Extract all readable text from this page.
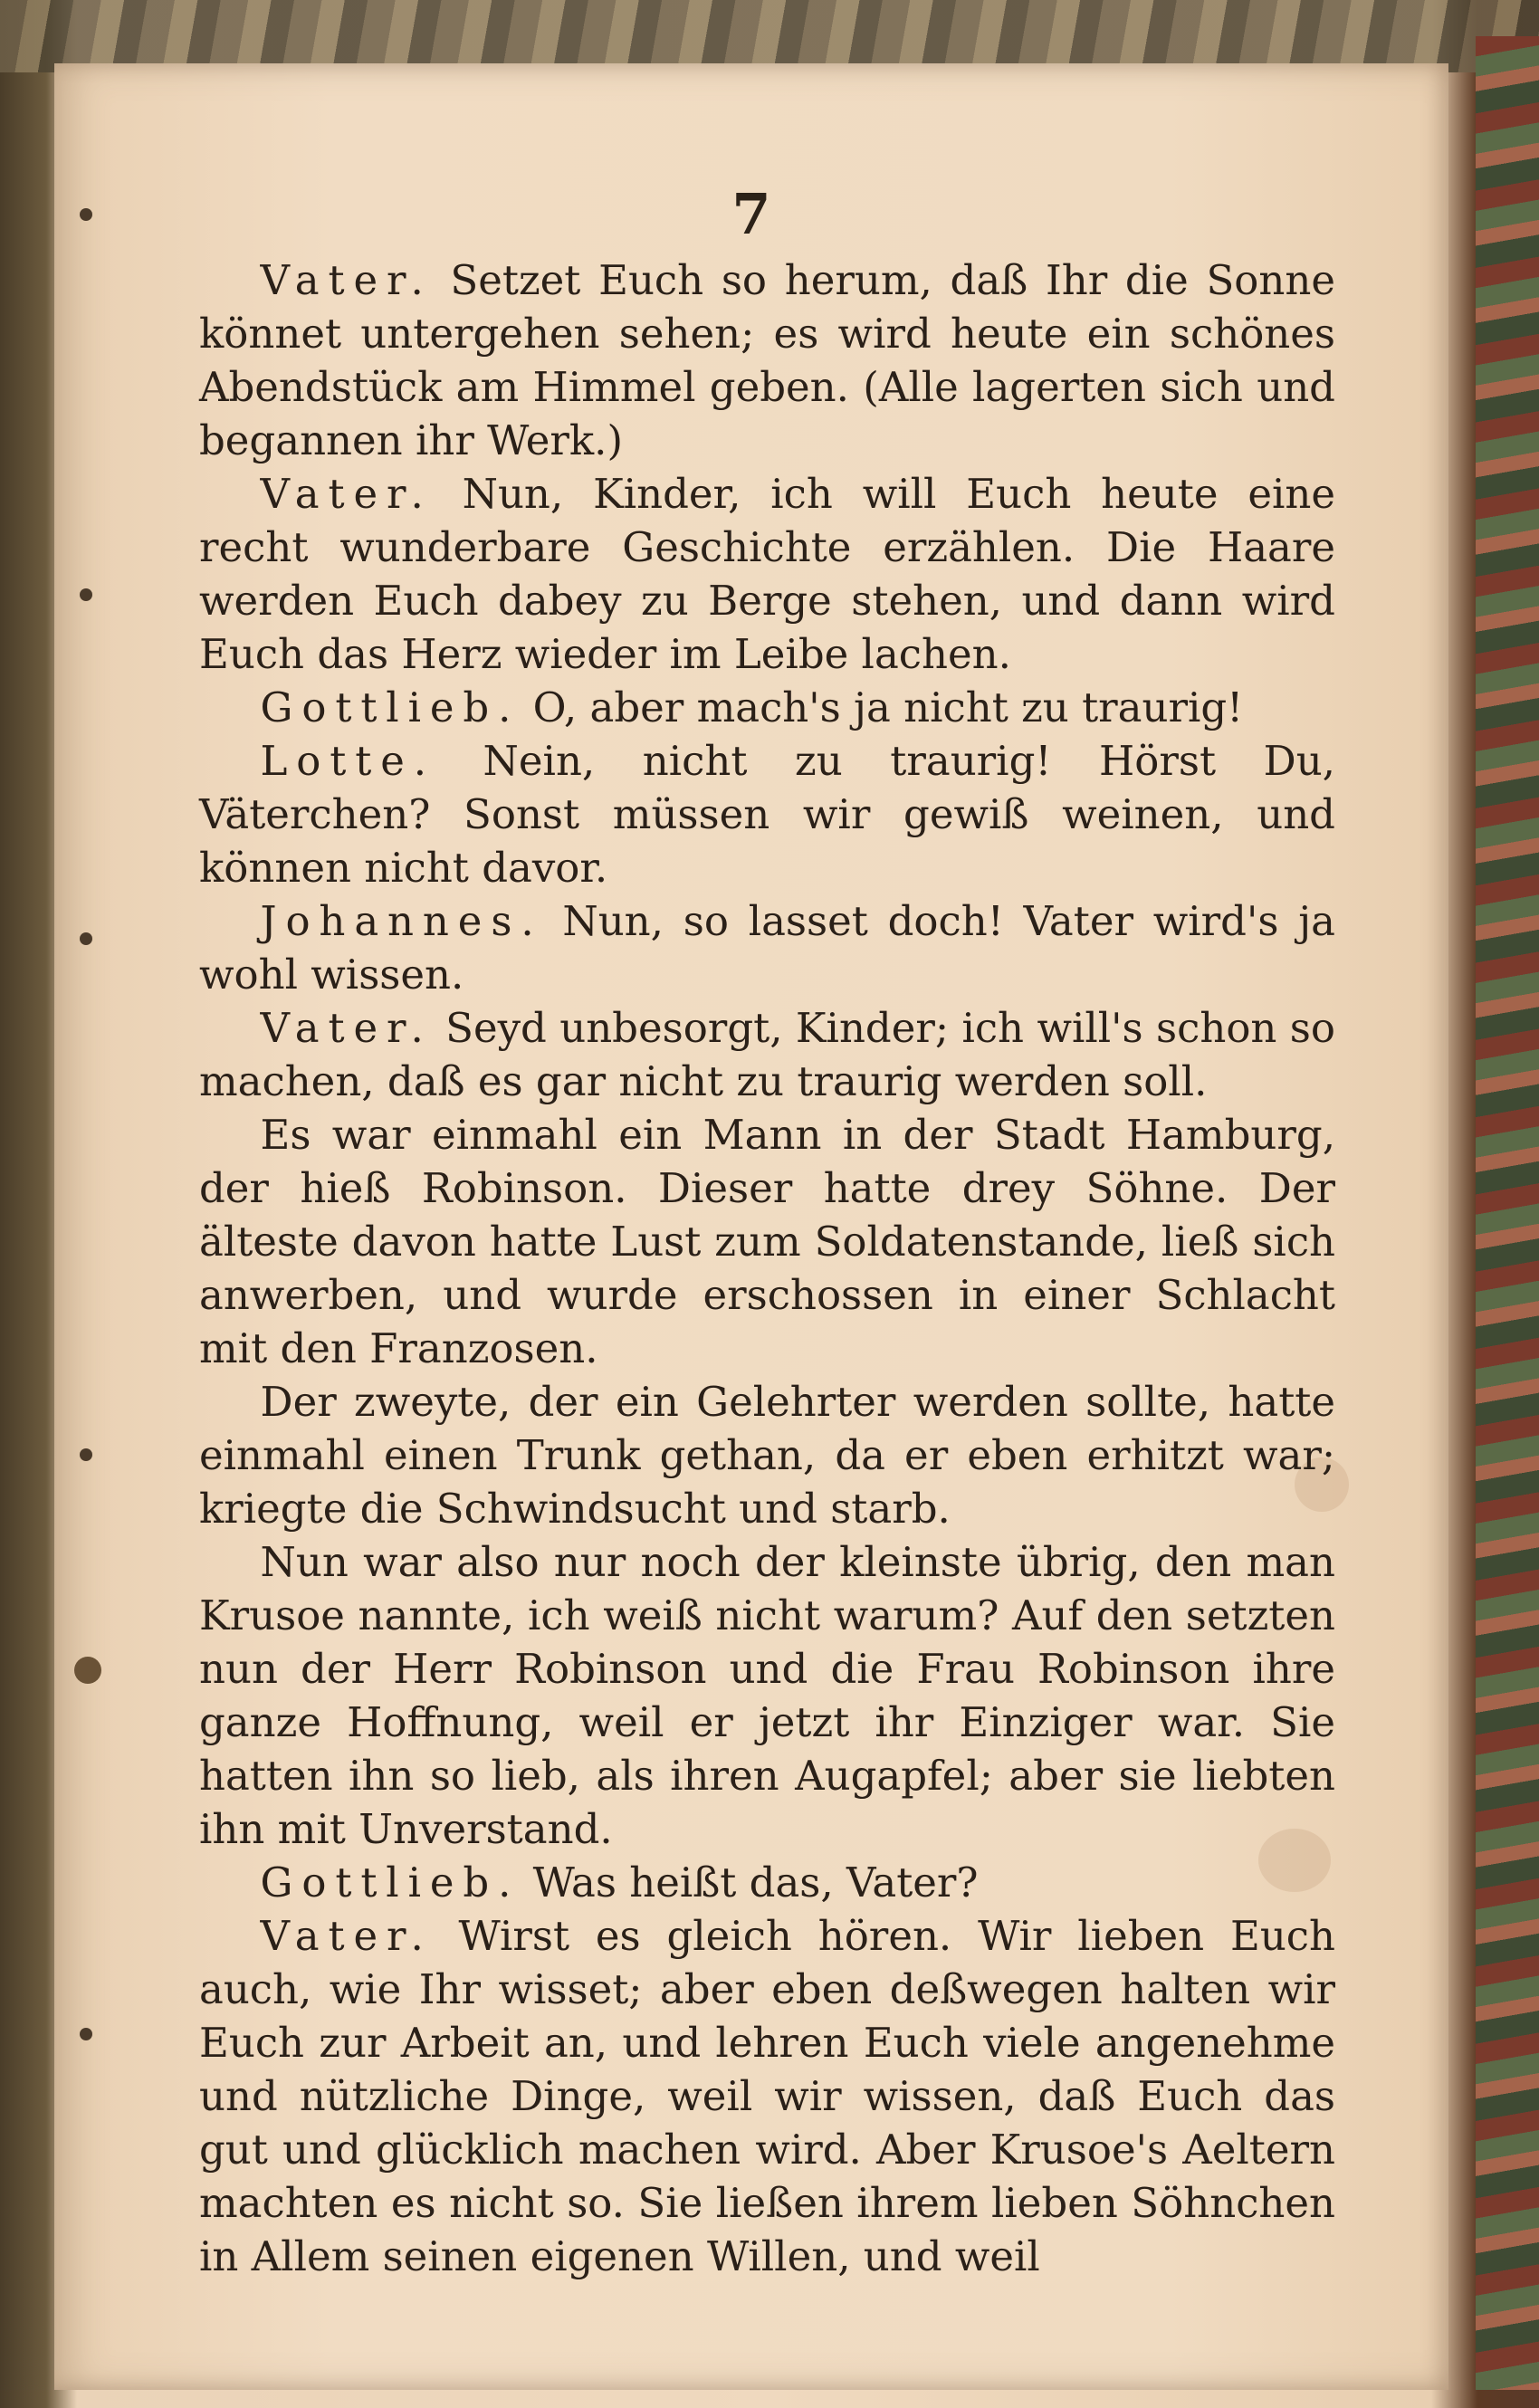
7

Vater. Setzet Euch so herum, daß Ihr die Sonne könnet untergehen sehen; es wird heute ein schönes Abendstück am Himmel geben. (Alle lagerten sich und begannen ihr Werk.)

Vater. Nun, Kinder, ich will Euch heute eine recht wunderbare Geschichte erzählen. Die Haare werden Euch dabey zu Berge stehen, und dann wird Euch das Herz wieder im Leibe lachen.

Gottlieb. O, aber mach's ja nicht zu traurig!

Lotte. Nein, nicht zu traurig! Hörst Du, Väterchen? Sonst müssen wir gewiß weinen, und können nicht davor.

Johannes. Nun, so lasset doch! Vater wird's ja wohl wissen.

Vater. Seyd unbesorgt, Kinder; ich will's schon so machen, daß es gar nicht zu traurig werden soll.

Es war einmahl ein Mann in der Stadt Hamburg, der hieß Robinson. Dieser hatte drey Söhne. Der älteste davon hatte Lust zum Soldatenstande, ließ sich anwerben, und wurde erschossen in einer Schlacht mit den Franzosen.

Der zweyte, der ein Gelehrter werden sollte, hatte einmahl einen Trunk gethan, da er eben erhitzt war; kriegte die Schwindsucht und starb.

Nun war also nur noch der kleinste übrig, den man Krusoe nannte, ich weiß nicht warum? Auf den setzten nun der Herr Robinson und die Frau Robinson ihre ganze Hoffnung, weil er jetzt ihr Einziger war. Sie hatten ihn so lieb, als ihren Augapfel; aber sie liebten ihn mit Unverstand.

Gottlieb. Was heißt das, Vater?

Vater. Wirst es gleich hören. Wir lieben Euch auch, wie Ihr wisset; aber eben deßwegen halten wir Euch zur Arbeit an, und lehren Euch viele angenehme und nützliche Dinge, weil wir wissen, daß Euch das gut und glücklich machen wird. Aber Krusoe's Aeltern machten es nicht so. Sie ließen ihrem lieben Söhnchen in Allem seinen eigenen Willen, und weil
